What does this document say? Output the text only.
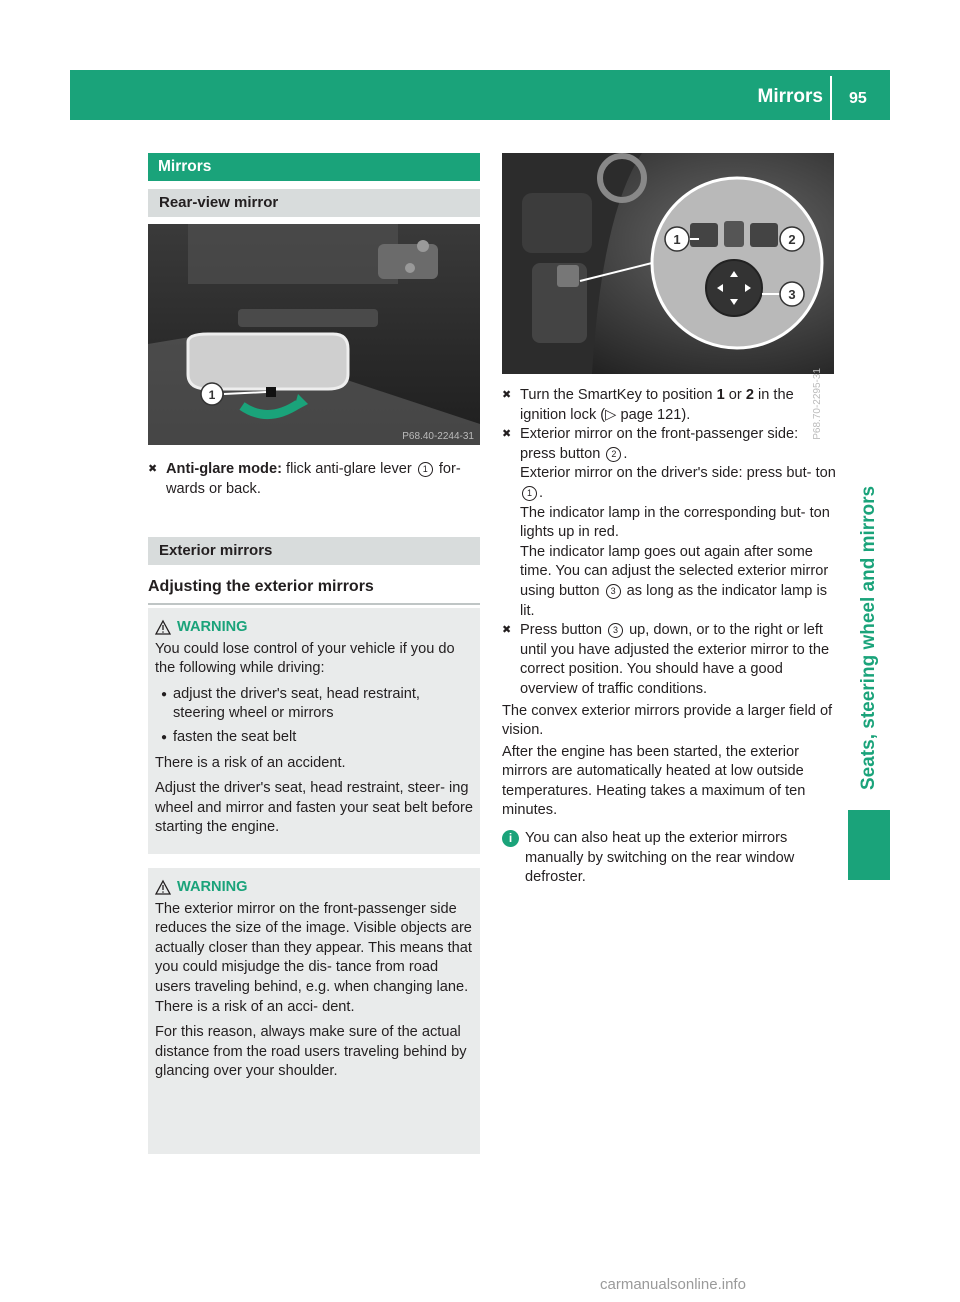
Mirrors 95
Seats, steering wheel and mirrors
Mirrors
Rear-view mirror
1
P68.40-2244-31
✖ Anti-glare mode: flick anti-glare lever 1 for- wards or back.

Exterior mirrors
Adjusting the exterior mirrors
WARNING

You could lose control of your vehicle if you do the following while driving:

● adjust the driver's seat, head restraint, steering wheel or mirrors
● fasten the seat belt

There is a risk of an accident.

Adjust the driver's seat, head restraint, steer- ing wheel and mirror and fasten your seat belt before starting the engine.

WARNING

The exterior mirror on the front-passenger side reduces the size of the image. Visible objects are actually closer than they appear. This means that you could misjudge the dis- tance from road users traveling behind, e.g. when changing lane. There is a risk of an acci- dent.

For this reason, always make sure of the actual distance from the road users traveling behind by glancing over your shoulder.

1	2
3
P68.70-2295-31
✖ Turn the SmartKey to position 1 or 2 in the ignition lock (▷ page 121).

✖ Exterior mirror on the front-passenger side: press button 2 .

Exterior mirror on the driver's side: press but- ton 1 .

The indicator lamp in the corresponding but- ton lights up in red.

The indicator lamp goes out again after some time. You can adjust the selected exterior mirror using button 3 as long as the indicator lamp is lit.

✖ Press button 3 up, down, or to the right or left until you have adjusted the exterior mirror to the correct position. You should have a good overview of traffic conditions.

The convex exterior mirrors provide a larger field of vision.

After the engine has been started, the exterior mirrors are automatically heated at low outside temperatures. Heating takes a maximum of ten minutes.

i You can also heat up the exterior mirrors manually by switching on the rear window defroster.

carmanualsonline.info
